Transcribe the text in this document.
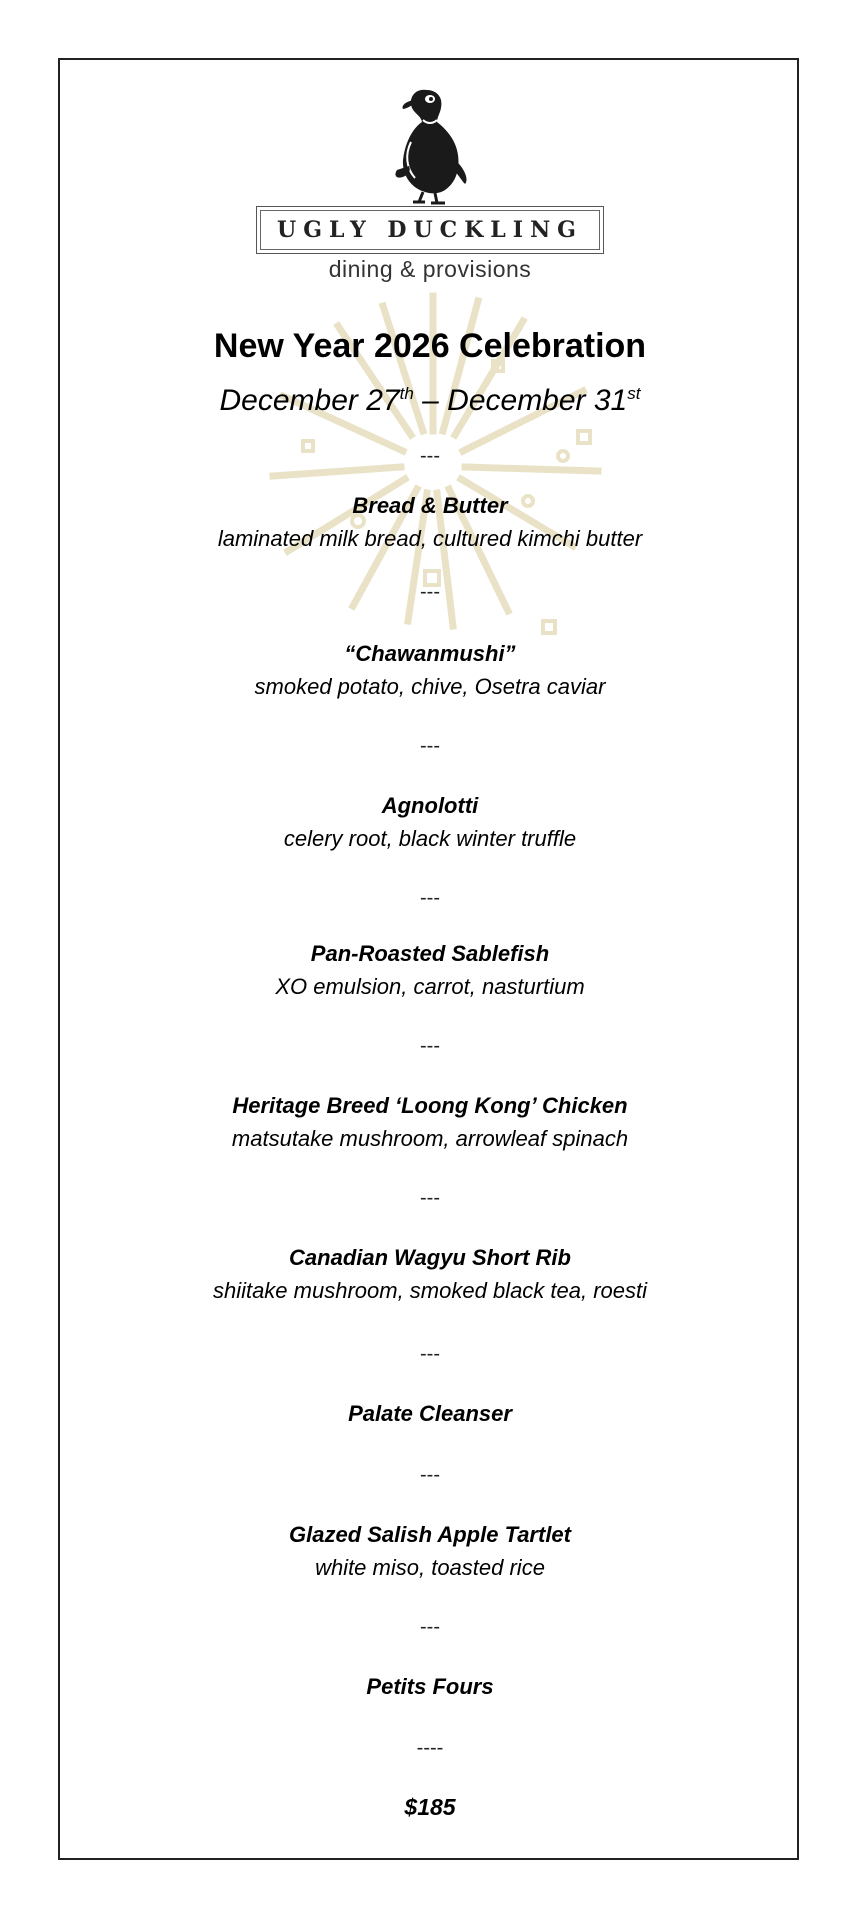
UGLY DUCKLING
dining & provisions
New Year 2026 Celebration
December 27th – December 31st
---
Bread & Butter
laminated milk bread, cultured kimchi butter
---
“Chawanmushi”
smoked potato, chive, Osetra caviar
---
Agnolotti
celery root, black winter truffle
---
Pan-Roasted Sablefish
XO emulsion, carrot, nasturtium
---
Heritage Breed ‘Loong Kong’ Chicken
matsutake mushroom, arrowleaf spinach
---
Canadian Wagyu Short Rib
shiitake mushroom, smoked black tea, roesti
---
Palate Cleanser
---
Glazed Salish Apple Tartlet
white miso, toasted rice
---
Petits Fours
----
$185
